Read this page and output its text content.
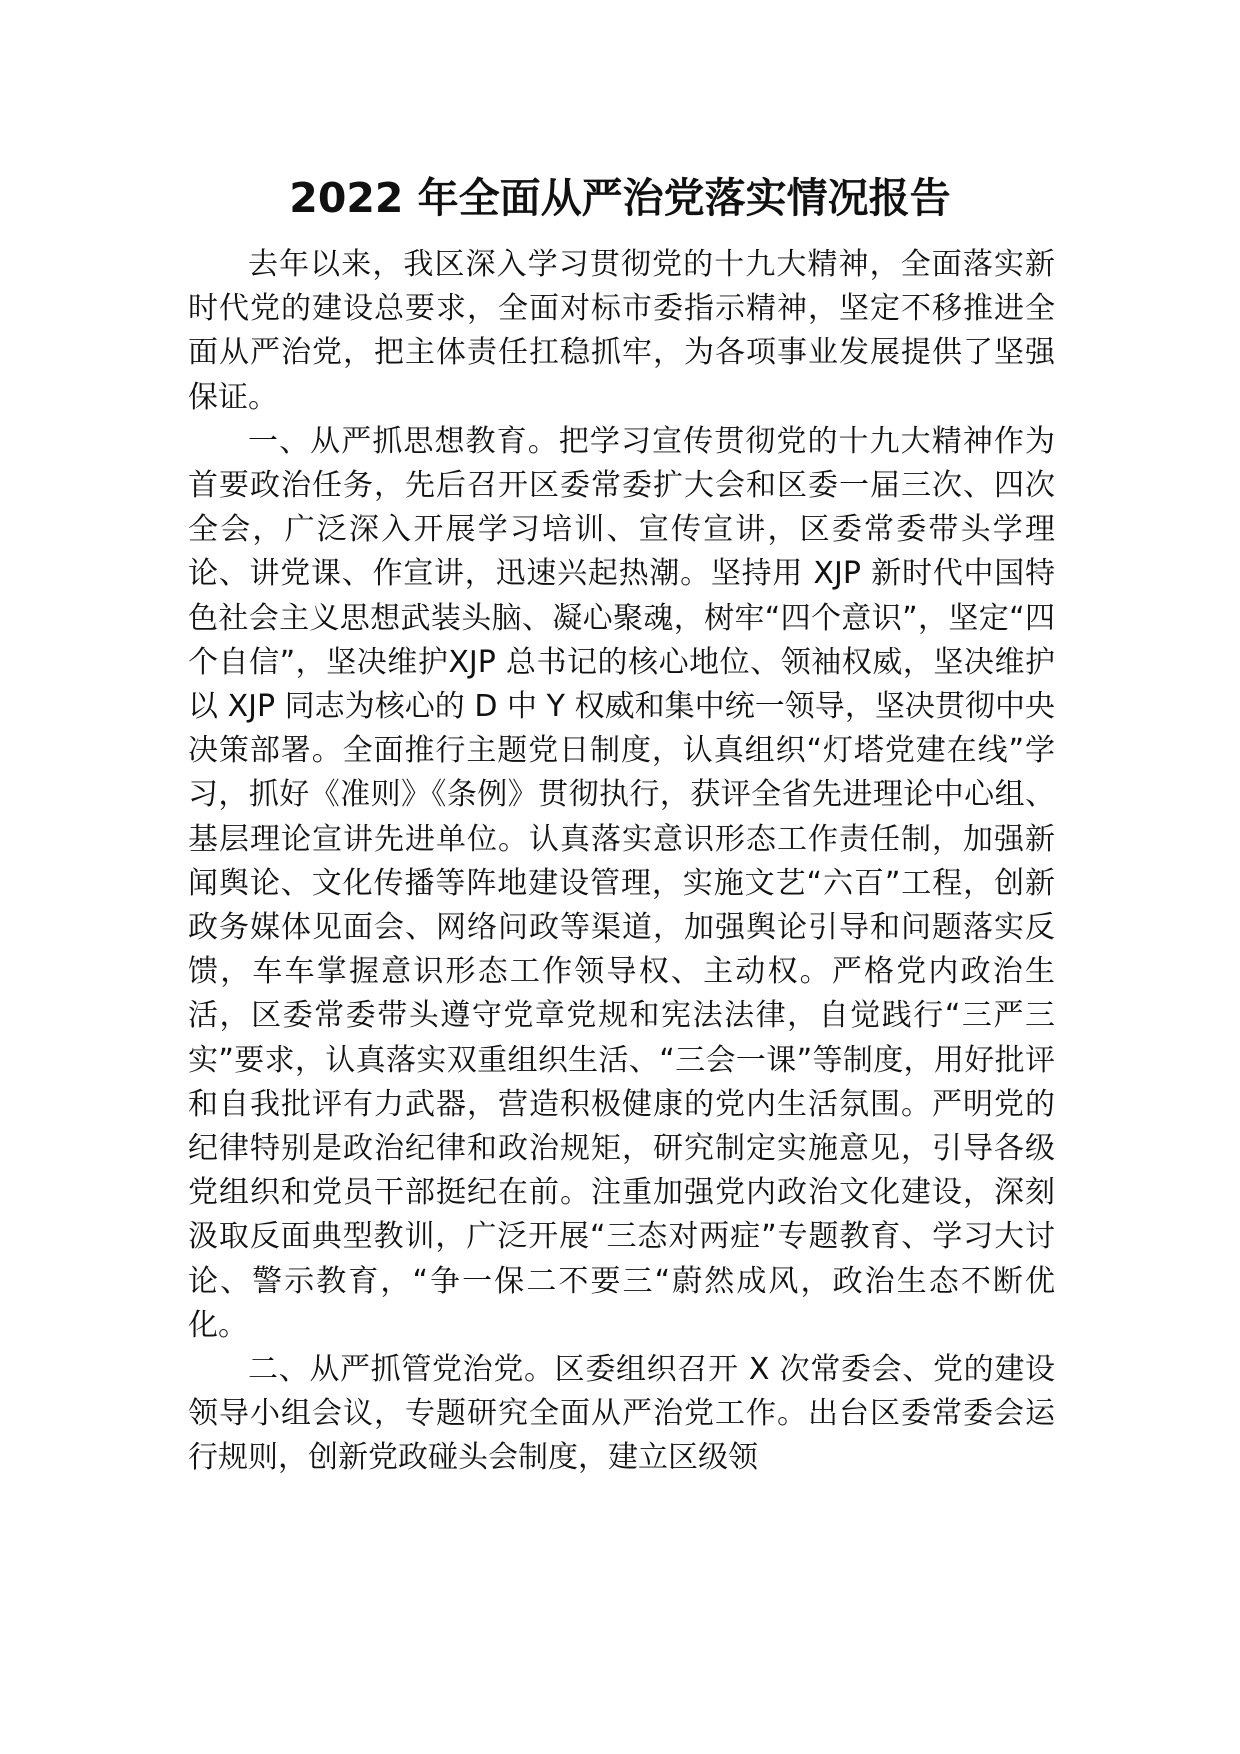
2022 年全面从严治党落实情况报告

去年以来，我区深入学习贯彻党的十九大精神，全面落实新时代党的建设总要求，全面对标市委指示精神，坚定不移推进全面从严治党，把主体责任扛稳抓牢，为各项事业发展提供了坚强保证。

一、从严抓思想教育。把学习宣传贯彻党的十九大精神作为首要政治任务，先后召开区委常委扩大会和区委一届三次、四次全会，广泛深入开展学习培训、宣传宣讲，区委常委带头学理论、讲党课、作宣讲，迅速兴起热潮。坚持用 XJP 新时代中国特色社会主义思想武装头脑、凝心聚魂，树牢“四个意识”，坚定“四个自信”，坚决维护XJP 总书记的核心地位、领袖权威，坚决维护以 XJP 同志为核心的 D 中 Y 权威和集中统一领导，坚决贯彻中央决策部署。全面推行主题党日制度，认真组织“灯塔党建在线”学习，抓好《准则》《条例》贯彻执行，获评全省先进理论中心组、基层理论宣讲先进单位。认真落实意识形态工作责任制，加强新闻舆论、文化传播等阵地建设管理，实施文艺“六百”工程，创新政务媒体见面会、网络问政等渠道，加强舆论引导和问题落实反馈，车车掌握意识形态工作领导权、主动权。严格党内政治生活，区委常委带头遵守党章党规和宪法法律，自觉践行“三严三实”要求，认真落实双重组织生活、“三会一课”等制度，用好批评和自我批评有力武器，营造积极健康的党内生活氛围。严明党的纪律特别是政治纪律和政治规矩，研究制定实施意见，引导各级党组织和党员干部挺纪在前。注重加强党内政治文化建设，深刻汲取反面典型教训，广泛开展“三态对两症”专题教育、学习大讨论、警示教育，“争一保二不要三“蔚然成风，政治生态不断优化。

二、从严抓管党治党。区委组织召开 X 次常委会、党的建设领导小组会议，专题研究全面从严治党工作。出台区委常委会运行规则，创新党政碰头会制度，建立区级领
